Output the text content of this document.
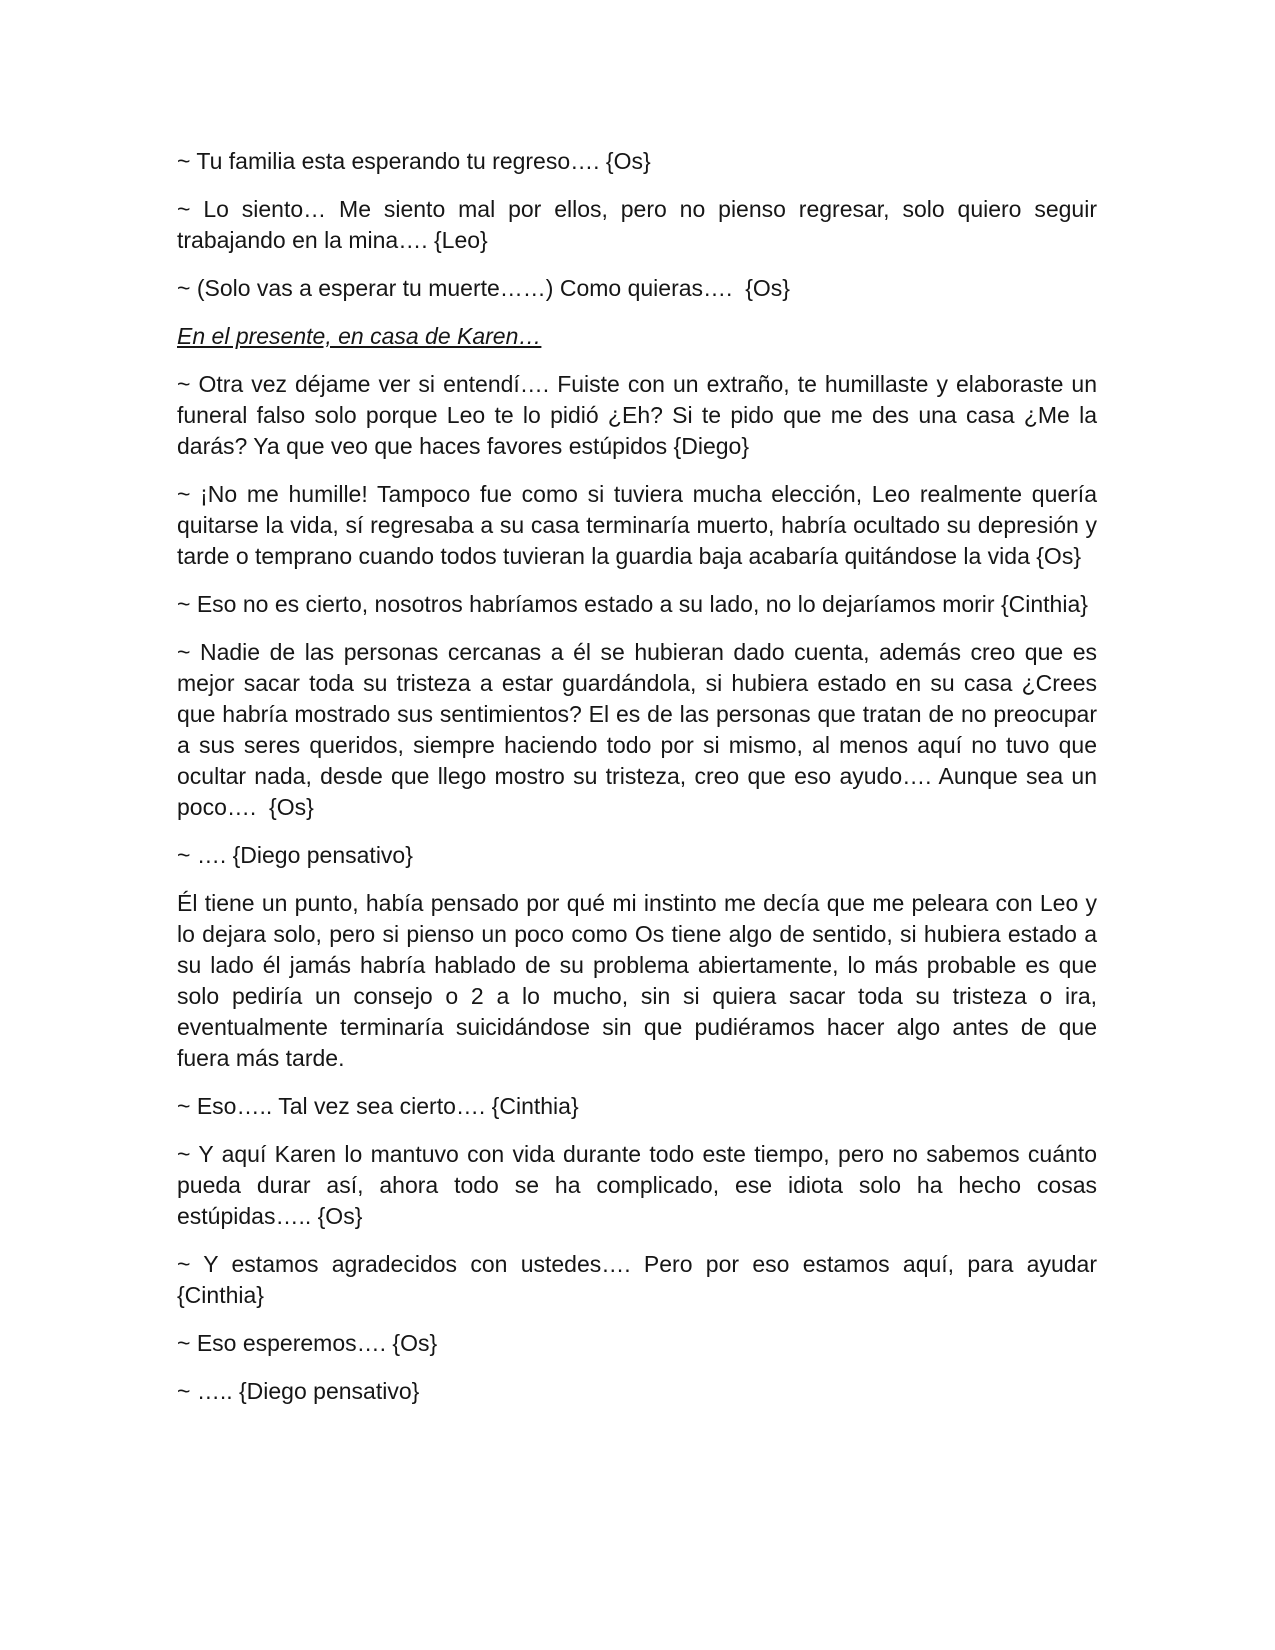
~ Tu familia esta esperando tu regreso…. {Os}

~ Lo siento… Me siento mal por ellos, pero no pienso regresar, solo quiero seguir trabajando en la mina…. {Leo}

~ (Solo vas a esperar tu muerte……) Como quieras….  {Os}

En el presente, en casa de Karen…

~ Otra vez déjame ver si entendí…. Fuiste con un extraño, te humillaste y elaboraste un funeral falso solo porque Leo te lo pidió ¿Eh? Si te pido que me des una casa ¿Me la darás? Ya que veo que haces favores estúpidos {Diego}

~ ¡No me humille! Tampoco fue como si tuviera mucha elección, Leo realmente quería quitarse la vida, sí regresaba a su casa terminaría muerto, habría ocultado su depresión y tarde o temprano cuando todos tuvieran la guardia baja acabaría quitándose la vida {Os}

~ Eso no es cierto, nosotros habríamos estado a su lado, no lo dejaríamos morir {Cinthia}

~ Nadie de las personas cercanas a él se hubieran dado cuenta, además creo que es mejor sacar toda su tristeza a estar guardándola, si hubiera estado en su casa ¿Crees que habría mostrado sus sentimientos? El es de las personas que tratan de no preocupar a sus seres queridos, siempre haciendo todo por si mismo, al menos aquí no tuvo que ocultar nada, desde que llego mostro su tristeza, creo que eso ayudo…. Aunque sea un poco….  {Os}

~ …. {Diego pensativo}

Él tiene un punto, había pensado por qué mi instinto me decía que me peleara con Leo y lo dejara solo, pero si pienso un poco como Os tiene algo de sentido, si hubiera estado a su lado él jamás habría hablado de su problema abiertamente, lo más probable es que solo pediría un consejo o 2 a lo mucho, sin si quiera sacar toda su tristeza o ira, eventualmente terminaría suicidándose sin que pudiéramos hacer algo antes de que fuera más tarde.

~ Eso….. Tal vez sea cierto…. {Cinthia}

~ Y aquí Karen lo mantuvo con vida durante todo este tiempo, pero no sabemos cuánto pueda durar así, ahora todo se ha complicado, ese idiota solo ha hecho cosas estúpidas….. {Os}

~ Y estamos agradecidos con ustedes…. Pero por eso estamos aquí, para ayudar {Cinthia}

~ Eso esperemos…. {Os}

~ ….. {Diego pensativo}
